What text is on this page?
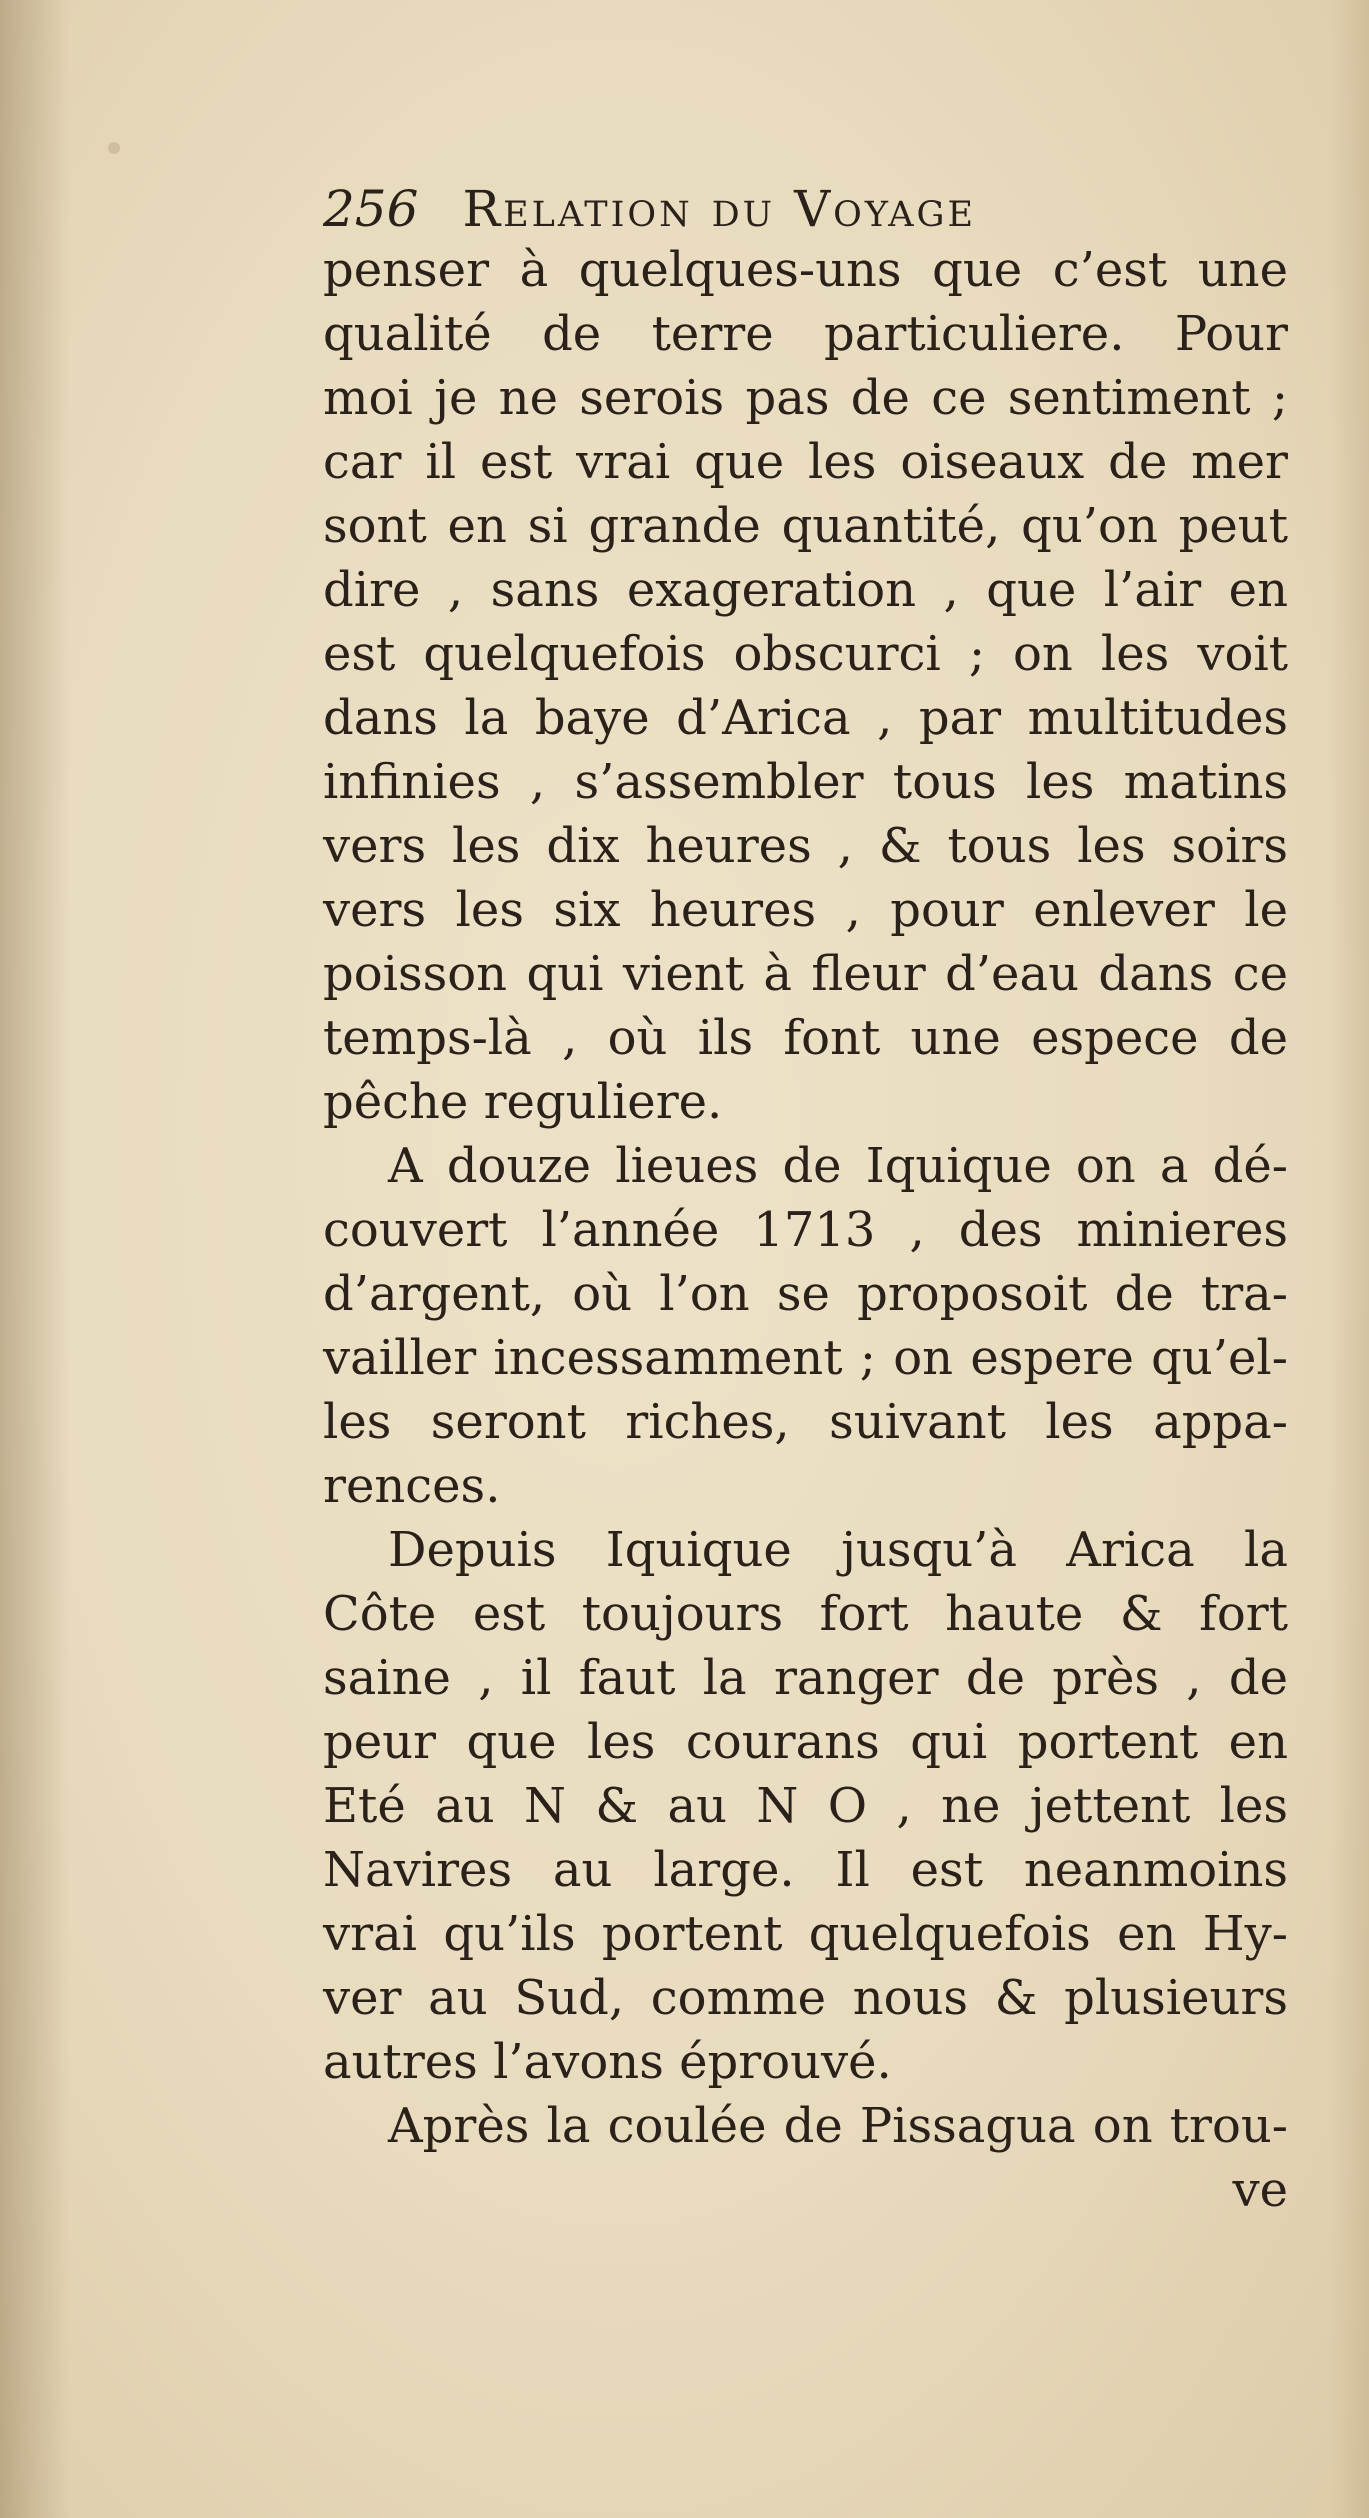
256 Relation du Voyage
penser à quelques-uns que c’est une
qualité de terre particuliere. Pour
moi je ne serois pas de ce sentiment ;
car il est vrai que les oiseaux de mer
sont en si grande quantité, qu’on peut
dire , sans exageration , que l’air en
est quelquefois obscurci ; on les voit
dans la baye d’Arica , par multitudes
infinies , s’assembler tous les matins
vers les dix heures , & tous les soirs
vers les six heures , pour enlever le
poisson qui vient à fleur d’eau dans ce
temps-là , où ils font une espece de
pêche reguliere.
A douze lieues de Iquique on a dé-
couvert l’année 1713 , des minieres
d’argent, où l’on se proposoit de tra-
vailler incessamment ; on espere qu’el-
les seront riches, suivant les appa-
rences.
Depuis Iquique jusqu’à Arica la
Côte est toujours fort haute & fort
saine , il faut la ranger de près , de
peur que les courans qui portent en
Eté au N & au N O , ne jettent les
Navires au large. Il est neanmoins
vrai qu’ils portent quelquefois en Hy-
ver au Sud, comme nous & plusieurs
autres l’avons éprouvé.
Après la coulée de Pissagua on trou-
ve
